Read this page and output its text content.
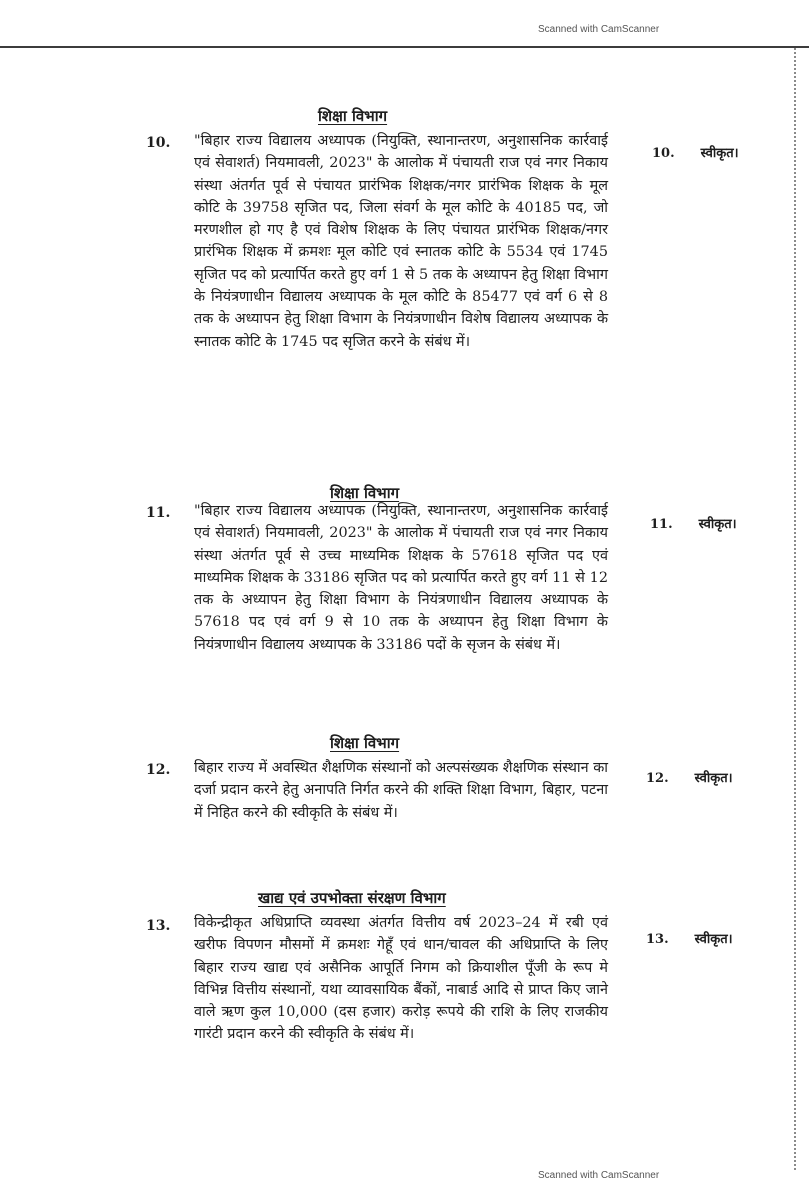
Scanned with CamScanner
शिक्षा विभाग
10. "बिहार राज्य विद्यालय अध्यापक (नियुक्ति, स्थानान्तरण, अनुशासनिक कार्रवाई एवं सेवाशर्त) नियमावली, 2023" के आलोक में पंचायती राज एवं नगर निकाय संस्था अंतर्गत पूर्व से पंचायत प्रारंभिक शिक्षक/नगर प्रारंभिक शिक्षक के मूल कोटि के 39758 सृजित पद, जिला संवर्ग के मूल कोटि के 40185 पद, जो मरणशील हो गए है एवं विशेष शिक्षक के लिए पंचायत प्रारंभिक शिक्षक/नगर प्रारंभिक शिक्षक में क्रमशः मूल कोटि एवं स्नातक कोटि के 5534 एवं 1745 सृजित पद को प्रत्यार्पित करते हुए वर्ग 1 से 5 तक के अध्यापन हेतु शिक्षा विभाग के नियंत्रणाधीन विद्यालय अध्यापक के मूल कोटि के 85477 एवं वर्ग 6 से 8 तक के अध्यापन हेतु शिक्षा विभाग के नियंत्रणाधीन विशेष विद्यालय अध्यापक के स्नातक कोटि के 1745 पद सृजित करने के संबंध में।

10. स्वीकृत।
शिक्षा विभाग
11. "बिहार राज्य विद्यालय अध्यापक (नियुक्ति, स्थानान्तरण, अनुशासनिक कार्रवाई एवं सेवाशर्त) नियमावली, 2023" के आलोक में पंचायती राज एवं नगर निकाय संस्था अंतर्गत पूर्व से उच्च माध्यमिक शिक्षक के 57618 सृजित पद एवं माध्यमिक शिक्षक के 33186 सृजित पद को प्रत्यार्पित करते हुए वर्ग 11 से 12 तक के अध्यापन हेतु शिक्षा विभाग के नियंत्रणाधीन विद्यालय अध्यापक के 57618 पद एवं वर्ग 9 से 10 तक के अध्यापन हेतु शिक्षा विभाग के नियंत्रणाधीन विद्यालय अध्यापक के 33186 पदों के सृजन के संबंध में।

11. स्वीकृत।
शिक्षा विभाग
12. बिहार राज्य में अवस्थित शैक्षणिक संस्थानों को अल्पसंख्यक शैक्षणिक संस्थान का दर्जा प्रदान करने हेतु अनापति निर्गत करने की शक्ति शिक्षा विभाग, बिहार, पटना में निहित करने की स्वीकृति के संबंध में।

12. स्वीकृत।
खाद्य एवं उपभोक्ता संरक्षण विभाग
13. विकेन्द्रीकृत अधिप्राप्ति व्यवस्था अंतर्गत वित्तीय वर्ष 2023–24 में रबी एवं खरीफ विपणन मौसमों में क्रमशः गेहूँ एवं धान/चावल की अधिप्राप्ति के लिए बिहार राज्य खाद्य एवं असैनिक आपूर्ति निगम को क्रियाशील पूँजी के रूप मे विभिन्न वित्तीय संस्थानों, यथा व्यावसायिक बैंकों, नाबार्ड आदि से प्राप्त किए जाने वाले ऋण कुल 10,000 (दस हजार) करोड़ रूपये की राशि के लिए राजकीय गारंटी प्रदान करने की स्वीकृति के संबंध में।

13. स्वीकृत।
Scanned with CamScanner
